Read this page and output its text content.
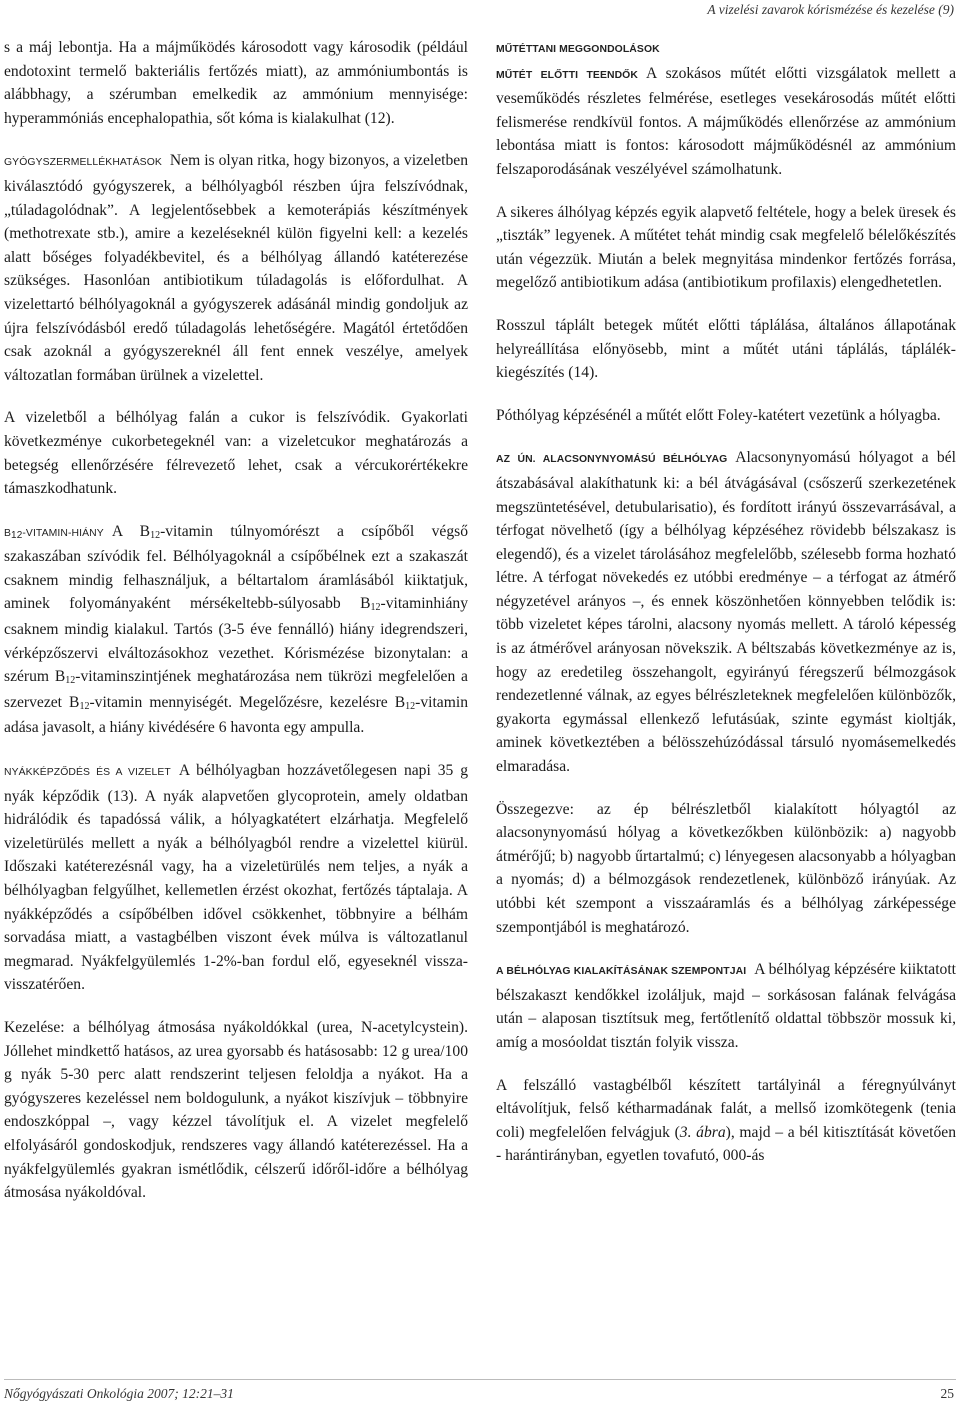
A vizelési zavarok kórismézése és kezelése (9)

s a máj lebontja. Ha a májműködés károsodott vagy károsodik (például endotoxint termelő bakteriális fertőzés miatt), az ammóniumbontás is alábbhagy, a szérumban emelkedik az ammónium mennyisége: hyperammóniás encephalopathia, sőt kóma is kialakulhat (12).

GYÓGYSZERMELLÉKHATÁSOK Nem is olyan ritka, hogy bizonyos, a vizeletben kiválasztódó gyógyszerek, a bélhólyagból részben újra felszívódnak, „túladagolódnak”. A legjelentősebbek a kemoterápiás készítmények (methotrexate stb.), amire a kezeléseknél külön figyelni kell: a kezelés alatt bőséges folyadékbevitel, és a bélhólyag állandó katéterezése szükséges. Hasonlóan antibiotikum túladagolás is előfordulhat. A vizelettartó bélhólyagoknál a gyógyszerek adásánál mindig gondoljuk az újra felszívódásból eredő túladagolás lehetőségére. Magától értetődően csak azoknál a gyógyszereknél áll fent ennek veszélye, amelyek változatlan formában ürülnek a vizelettel.

A vizeletből a bélhólyag falán a cukor is felszívódik. Gyakorlati következménye cukorbetegeknél van: a vizeletcukor meghatározás a betegség ellenőrzésére félrevezető lehet, csak a vércukorértékekre támaszkodhatunk.

$B_{12}-VITAMIN$-HIÁNY A $B_{12}$-vitamin túlnyomórészt a csípőből végső szakaszában szívódik fel. Bélhólyagoknál a csípőbélnek ezt a szakaszát csaknem mindig felhasználjuk, a béltartalom áramlásából kiiktatjuk, aminek folyományaként mérsékeltebb-súlyosabb $B_{12}$-vitaminhiány csaknem mindig kialakul. Tartós (3-5 éve fennálló) hiány idegrendszeri, vérképzőszervi elváltozásokhoz vezethet. Kórismézése bizonytalan: a szérum $B_{12}$-vitaminszintjének meghatározása nem tükrözi megfelelően a szervezet $B_{12}$-vitamin mennyiségét. Megelőzésre, kezelésre $B_{12}$-vitamin adása javasolt, a hiány kivédésére 6 havonta egy ampulla.

NYÁKKÉPZŐDÉS ÉS A VIZELET A bélhólyagban hozzávetőlegesen napi 35 g nyák képződik (13). A nyák alapvetően glycoprotein, amely oldatban hidrálódik és tapadóssá válik, a hólyagkatétert elzárhatja. Megfelelő vizeletürülés mellett a nyák a bélhólyagból rendre a vizelettel kiürül. Időszaki katéterezésnál vagy, ha a vizeletürülés nem teljes, a nyák a bélhólyagban felgyűlhet, kellemetlen érzést okozhat, fertőzés táptalaja. A nyákképződés a csípőbélben idővel csökkenhet, többnyire a bélhám sorvadása miatt, a vastagbélben viszont évek múlva is változatlanul megmarad. Nyákfelgyülemlés 1-2%-ban fordul elő, egyeseknél vissza-visszatérően.

Kezelése: a bélhólyag átmosása nyákoldókkal (urea, N-acetylcystein). Jóllehet mindkettő hatásos, az urea gyorsabb és hatásosabb: 12 g urea/100 g nyák 5-30 perc alatt rendszerint teljesen feloldja a nyákot. Ha a gyógyszeres kezeléssel nem boldogulunk, a nyákot kiszívjuk – többnyire endoszkóppal –, vagy kézzel távolítjuk el. A vizelet megfelelő elfolyásáról gondoskodjuk, rendszeres vagy állandó katéterezéssel. Ha a nyákfelgyülemlés gyakran ismétlődik, célszerű időről-időre a bélhólyag átmosása nyákoldóval.

MŰTÉTTANI MEGGONDOLÁSOK

MŰTÉT ELŐTTI TEENDŐK A szokásos műtét előtti vizsgálatok mellett a veseműködés részletes felmérése, esetleges vesekárosodás műtét előtti felismerése rendkívül fontos. A májműködés ellenőrzése az ammónium lebontása miatt is fontos: károsodott májműködésnél az ammónium felszaporodásának veszélyével számolhatunk.

A sikeres álhólyag képzés egyik alapvető feltétele, hogy a belek üresek és „tiszták” legyenek. A műtétet tehát mindig csak megfelelő bélelőkészítés után végezzük. Miután a belek megnyitása mindenkor fertőzés forrása, megelőző antibiotikum adása (antibiotikum profilaxis) elengedhetetlen.

Rosszul táplált betegek műtét előtti táplálása, általános állapotának helyreállítása előnyösebb, mint a műtét utáni táplálás, táplálék-kiegészítés (14).

Póthólyag képzésénél a műtét előtt Foley-katétert vezetünk a hólyagba.

AZ ÚN. ALACSONYNYOMÁSÚ BÉLHÓLYAG Alacsonynyomású hólyagot a bél átszabásával alakíthatunk ki: a bél átvágásával (csőszerű szerkezetének megszüntetésével, detubularisatio), és fordított irányú összevarrásával, a térfogat növelhető (így a bélhólyag képzéséhez rövidebb bélszakasz is elegendő), és a vizelet tárolásához megfelelőbb, szélesebb forma hozható létre. A térfogat növekedés ez utóbbi eredménye – a térfogat az átmérő négyzetével arányos –, és ennek köszönhetően könnyebben telődik is: több vizeletet képes tárolni, alacsony nyomás mellett. A tároló képesség is az átmérővel arányosan növekszik. A béltszabás következménye az is, hogy az eredetileg összehangolt, egyirányú féregszerű bélmozgások rendezetlenné válnak, az egyes bélrészleteknek megfelelően különbözők, gyakorta egymással ellenkező lefutásúak, szinte egymást kioltják, aminek következtében a bélösszehúzódással társuló nyomásemelkedés elmaradása.

Összegezve: az ép bélrészletből kialakított hólyagtól az alacsonynyomású hólyag a következőkben különbözik: a) nagyobb átmérőjű; b) nagyobb űrtartalmú; c) lényegesen alacsonyabb a hólyagban a nyomás; d) a bélmozgások rendezetlenek, különböző irányúak. Az utóbbi két szempont a visszaáramlás és a bélhólyag zárképessége szempontjából is meghatározó.

A BÉLHÓLYAG KIALAKÍTÁSÁNAK SZEMPONTJAI A bélhólyag képzésére kiiktatott bélszakaszt kendőkkel izoláljuk, majd – sorkásosan falának felvágása után – alaposan tisztítsuk meg, fertőtlenítő oldattal többször mossuk ki, amíg a mosóoldat tisztán folyik vissza.

A felszálló vastagbélből készített tartályinál a féregnyúlványt eltávolítjuk, felső kétharmadának falát, a mellső izomkötegenk (tenia coli) megfelelően felvágjuk (3. ábra), majd – a bél kitisztítását követően - harántirányban, egyetlen tovafutó, 000-ás

Nőgyógyászati Onkológia 2007; 12:21–31	25
